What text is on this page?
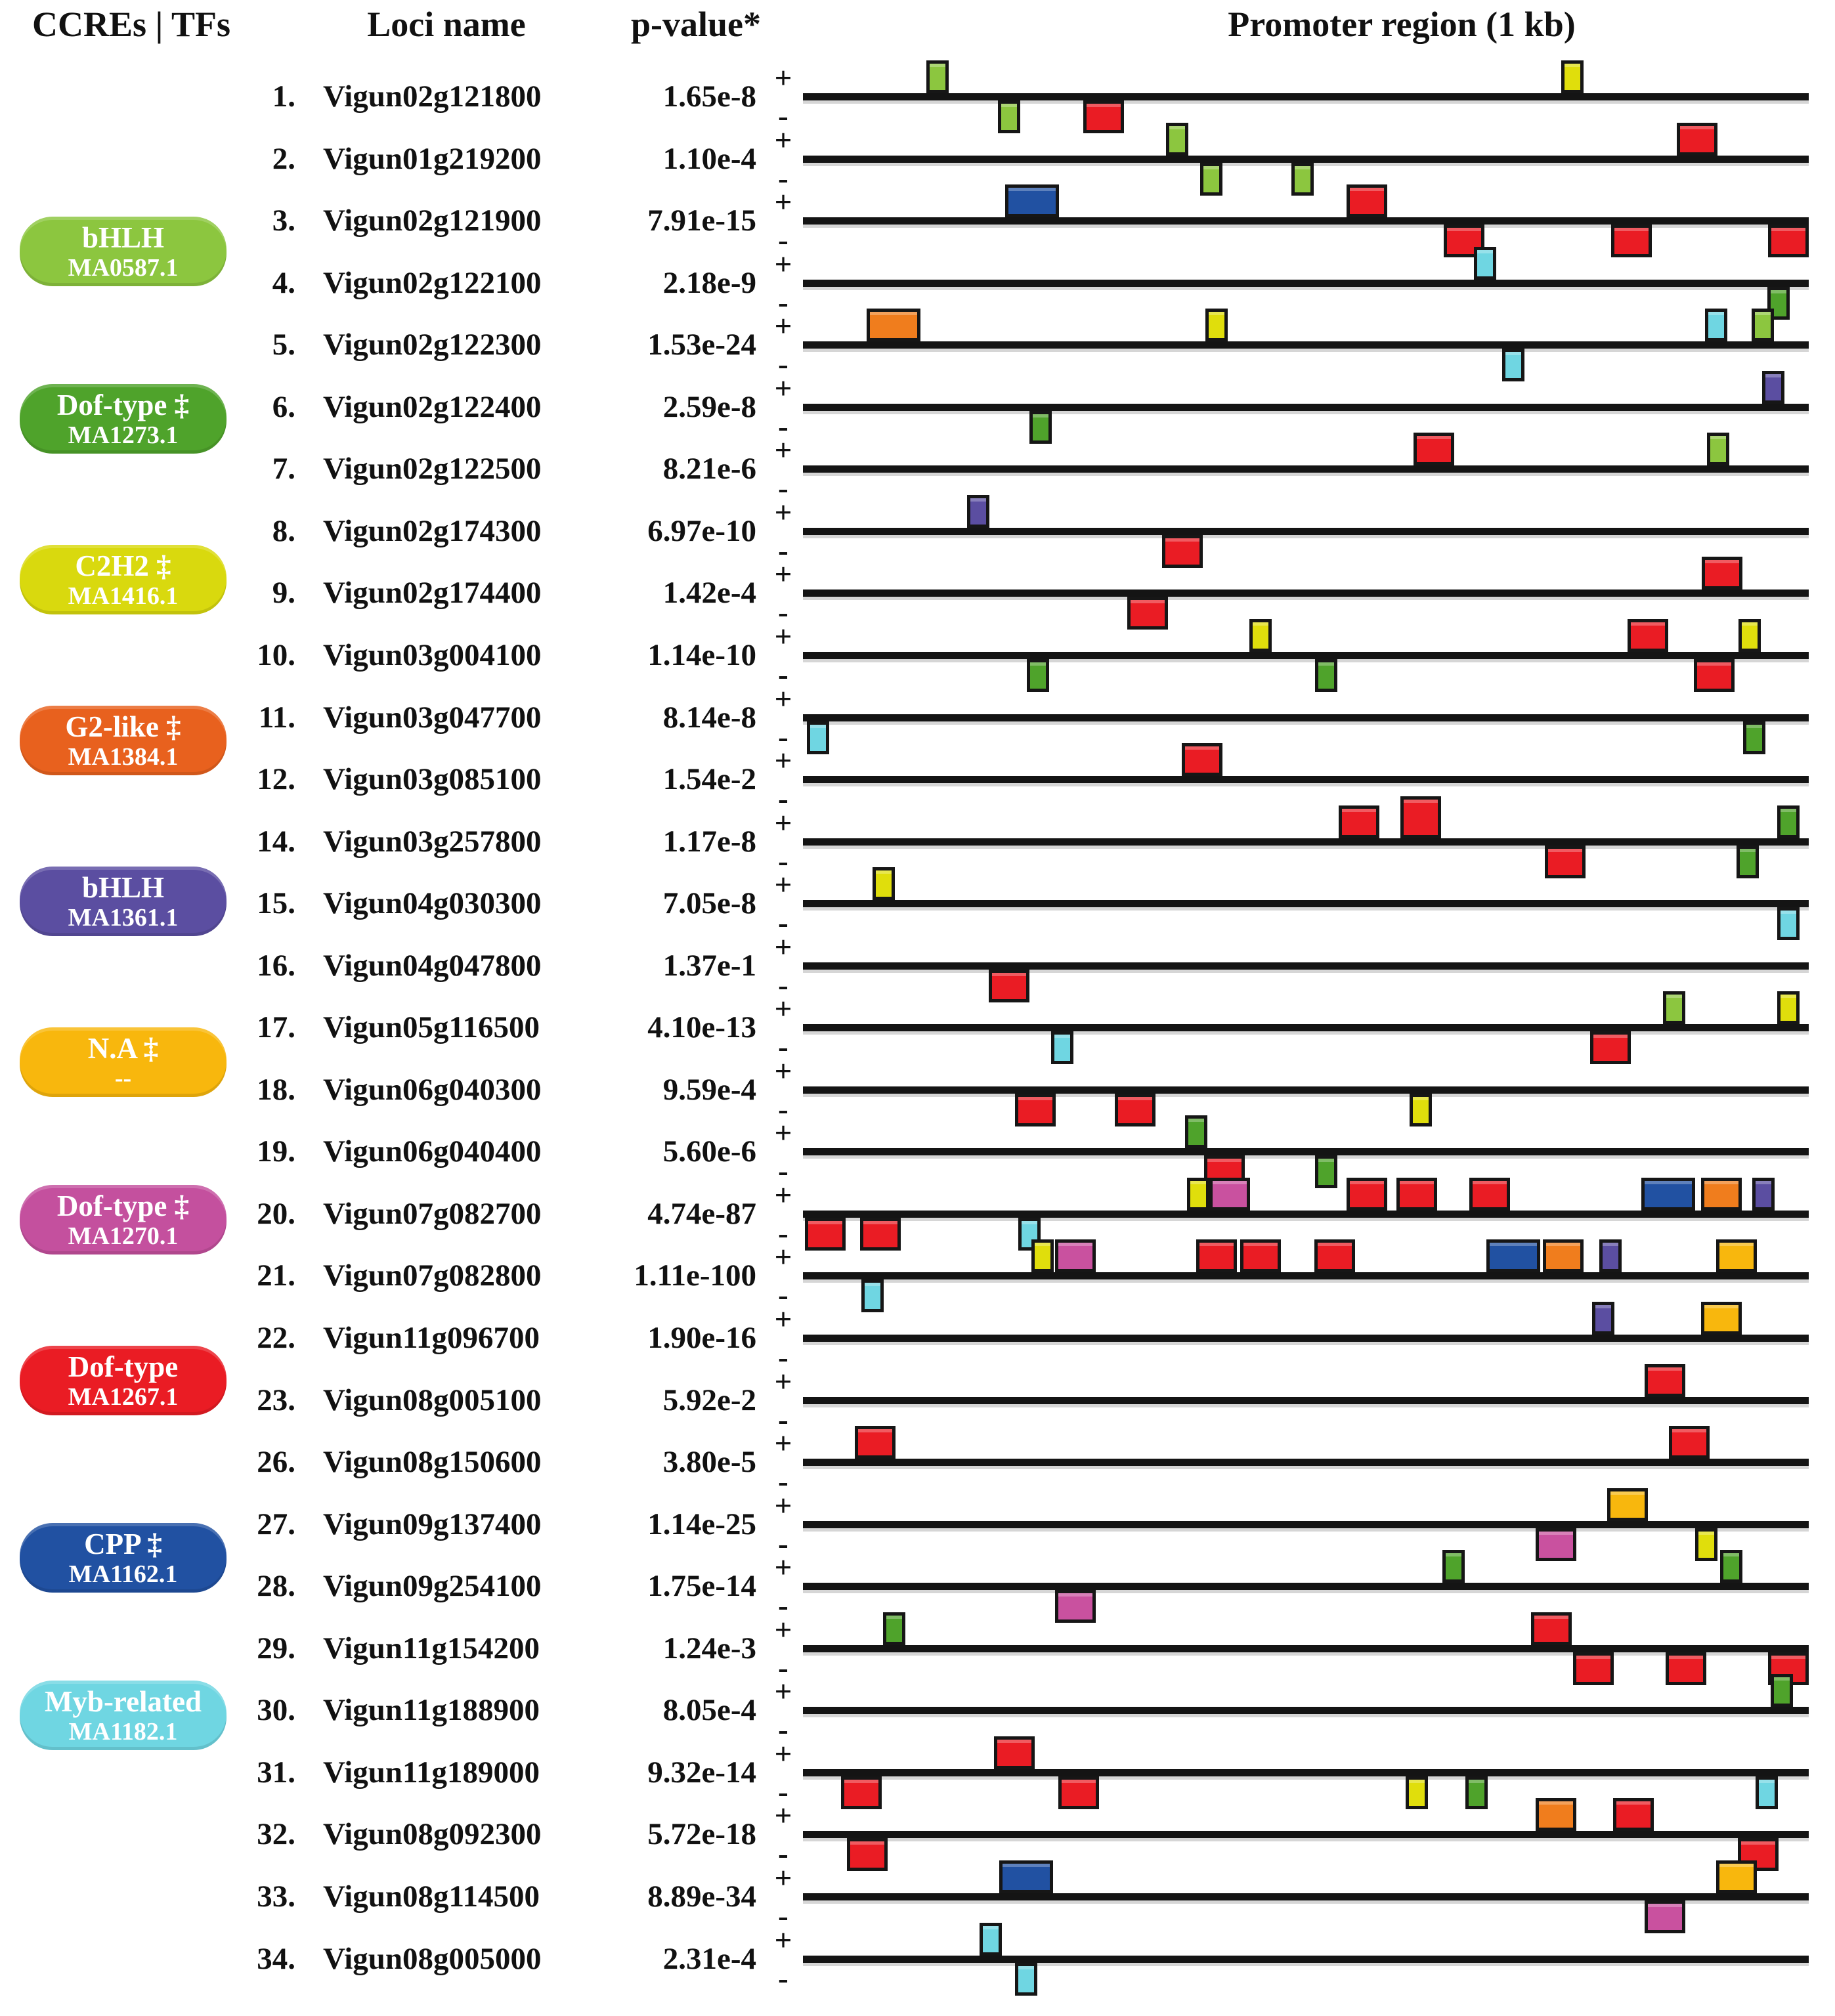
CCREs | TFs	Loci name	p-value*	Promoter region (1 kb)
bHLH
MA0587.1
Dof-type ‡
MA1273.1
C2H2 ‡
MA1416.1
G2-like ‡
MA1384.1
bHLH
MA1361.1
N.A ‡
--
Dof-type ‡
MA1270.1
Dof-type
MA1267.1
CPP ‡
MA1162.1
Myb-related
MA1182.1
1. Vigun02g121800	1.65e-8
+
-
2. Vigun01g219200	1.10e-4
+
-
3. Vigun02g121900	7.91e-15
+
-
4. Vigun02g122100	2.18e-9
+
-
5. Vigun02g122300	1.53e-24
+
-
6. Vigun02g122400	2.59e-8
+
-
7. Vigun02g122500	8.21e-6
+
-
8. Vigun02g174300	6.97e-10
+
-
9. Vigun02g174400	1.42e-4
+
-
10. Vigun03g004100	1.14e-10
+
-
11. Vigun03g047700	8.14e-8
+
-
12. Vigun03g085100	1.54e-2
+
-
14. Vigun03g257800	1.17e-8
+
-
15. Vigun04g030300	7.05e-8
+
-
16. Vigun04g047800	1.37e-1
+
-
17. Vigun05g116500	4.10e-13
+
-
18. Vigun06g040300	9.59e-4
+
-
19. Vigun06g040400	5.60e-6
+
-
20. Vigun07g082700	4.74e-87
+
-
21. Vigun07g082800	1.11e-100
+
-
22. Vigun11g096700	1.90e-16
+
-
23. Vigun08g005100	5.92e-2
+
-
26. Vigun08g150600	3.80e-5
+
-
27. Vigun09g137400	1.14e-25
+
-
28. Vigun09g254100	1.75e-14
+
-
29. Vigun11g154200	1.24e-3
+
-
30. Vigun11g188900	8.05e-4
+
-
31. Vigun11g189000	9.32e-14
+
-
32. Vigun08g092300	5.72e-18
+
-
33. Vigun08g114500	8.89e-34
+
-
34. Vigun08g005000	2.31e-4
+
-
